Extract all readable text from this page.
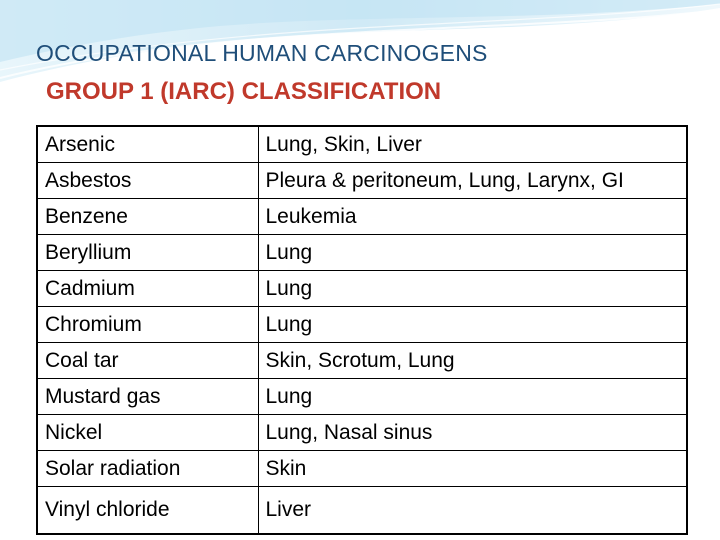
OCCUPATIONAL HUMAN CARCINOGENS
GROUP 1 (IARC) CLASSIFICATION
Arsenic	Lung, Skin, Liver
Asbestos	Pleura & peritoneum, Lung, Larynx, GI
Benzene	Leukemia
Beryllium	Lung
Cadmium	Lung
Chromium	Lung
Coal tar	Skin, Scrotum, Lung
Mustard gas	Lung
Nickel	Lung, Nasal sinus
Solar radiation	Skin
Vinyl chloride	Liver
